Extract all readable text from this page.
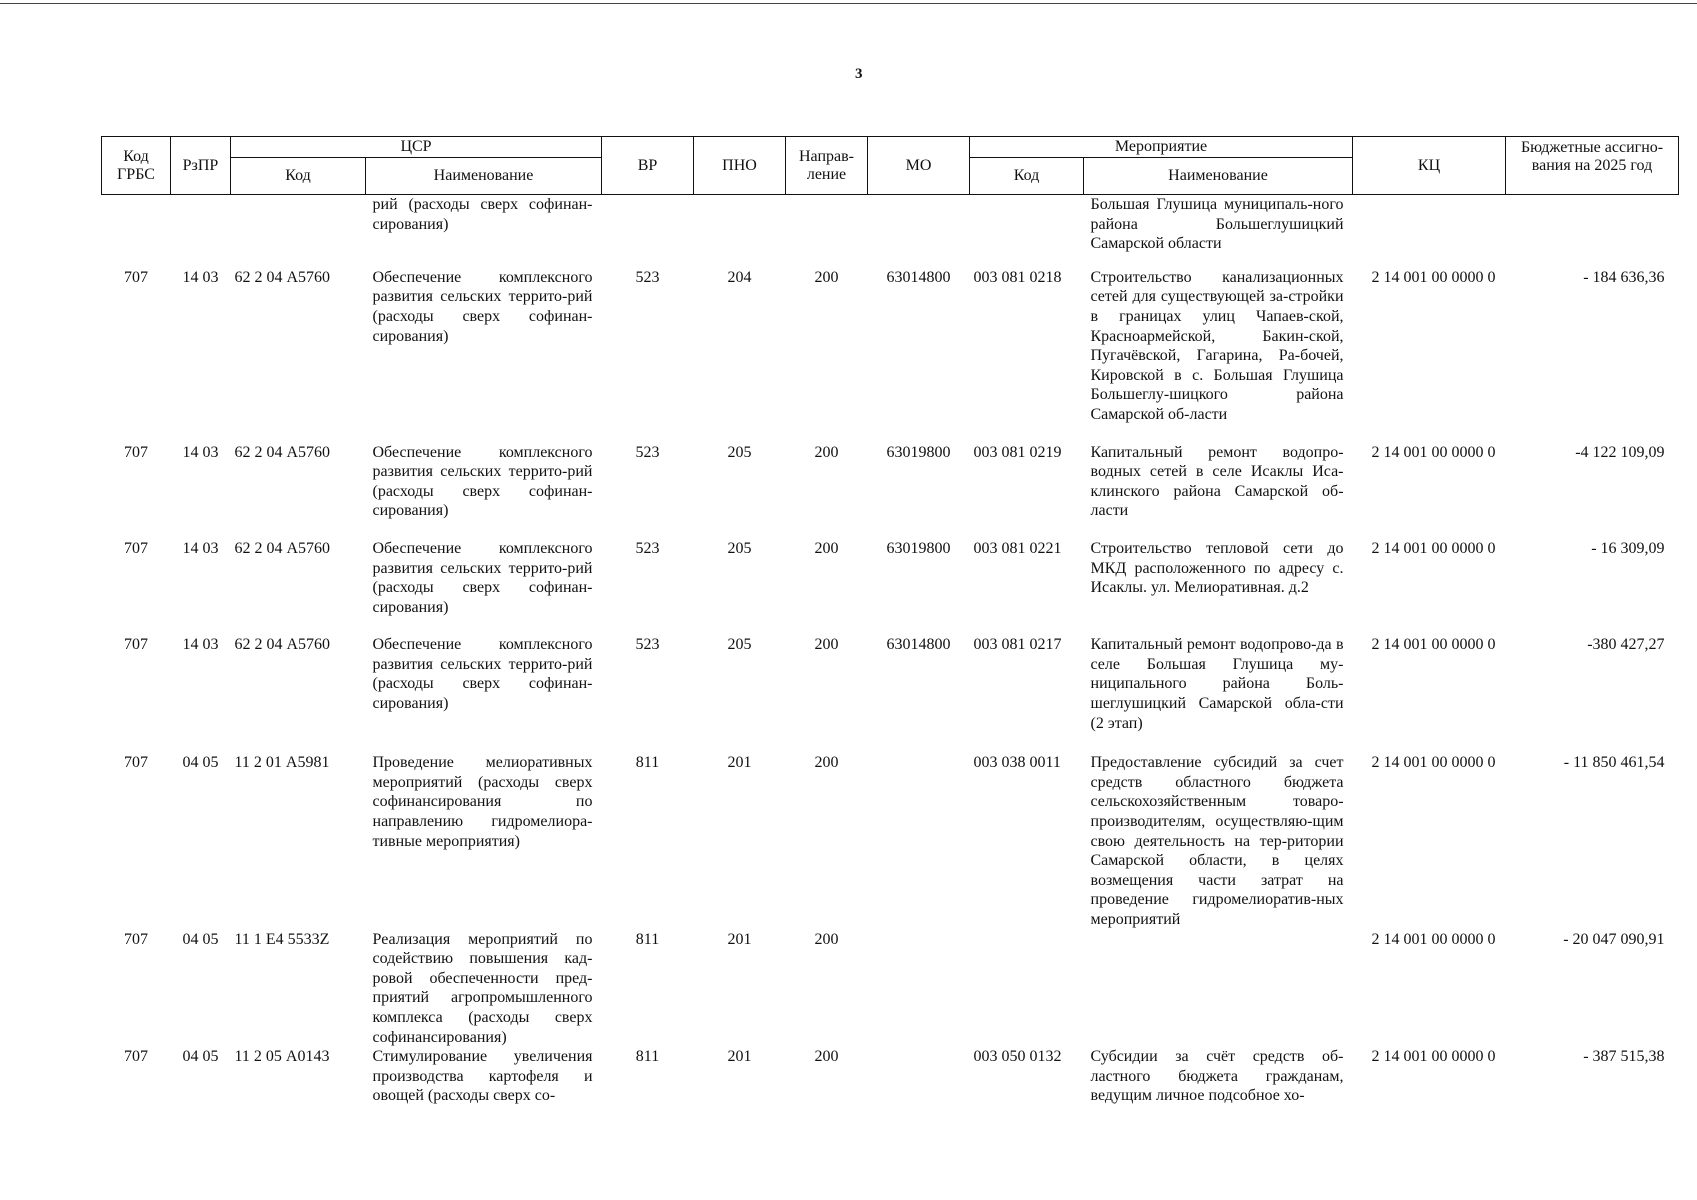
3
Код ГРБС	РзПР	ЦСР		ВР	ПНО	Направ-ление	МО	Мероприятие		КЦ	Бюджетные ассигно-вания на 2025 год
		Код	Наименование					Код	Наименование		
			рий (расходы сверх софинан-сирования)						Большая Глушица муниципаль-ного района Большеглушицкий Самарской области		

707	14 03	62 2 04 А5760	Обеспечение комплексного развития сельских террито-рий (расходы сверх софинан-сирования)	523	204	200	63014800	003 081 0218	Строительство канализационных сетей для существующей за-стройки в границах улиц Чапаев-ской, Красноармейской, Бакин-ской, Пугачёвской, Гагарина, Ра-бочей, Кировской в с. Большая Глушица Большеглу-шицкого района Самарской об-ласти	2 14 001 00 0000 0	- 184 636,36

707	14 03	62 2 04 А5760	Обеспечение комплексного развития сельских террито-рий (расходы сверх софинан-сирования)	523	205	200	63019800	003 081 0219	Капитальный ремонт водопро-водных сетей в селе Исаклы Иса-клинского района Самарской об-ласти	2 14 001 00 0000 0	-4 122 109,09

707	14 03	62 2 04 А5760	Обеспечение комплексного развития сельских террито-рий (расходы сверх софинан-сирования)	523	205	200	63019800	003 081 0221	Строительство тепловой сети до МКД расположенного по адресу с. Исаклы. ул. Мелиоративная. д.2	2 14 001 00 0000 0	- 16 309,09

707	14 03	62 2 04 А5760	Обеспечение комплексного развития сельских террито-рий (расходы сверх софинан-сирования)	523	205	200	63014800	003 081 0217	Капитальный ремонт водопрово-да в селе Большая Глушица му-ниципального района Боль-шеглушицкий Самарской обла-сти (2 этап)	2 14 001 00 0000 0	-380 427,27

707	04 05	11 2 01 А5981	Проведение мелиоративных мероприятий (расходы сверх софинансирования по направлению гидромелиора-тивные мероприятия)	811	201	200		003 038 0011	Предоставление субсидий за счет средств областного бюджета сельскохозяйственным товаро-производителям, осуществляю-щим свою деятельность на тер-ритории Самарской области, в целях возмещения части затрат на проведение гидромелиоратив-ных мероприятий	2 14 001 00 0000 0	- 11 850 461,54
707	04 05	11 1 Е4 5533Z	Реализация мероприятий по содействию повышения кад-ровой обеспеченности пред-приятий агропромышленного комплекса (расходы сверх софинансирования)	811	201	200				2 14 001 00 0000 0	- 20 047 090,91
707	04 05	11 2 05 А0143	Стимулирование увеличения производства картофеля и овощей (расходы сверх со-	811	201	200		003 050 0132	Субсидии за счёт средств об-ластного бюджета гражданам, ведущим личное подсобное хо-	2 14 001 00 0000 0	- 387 515,38
